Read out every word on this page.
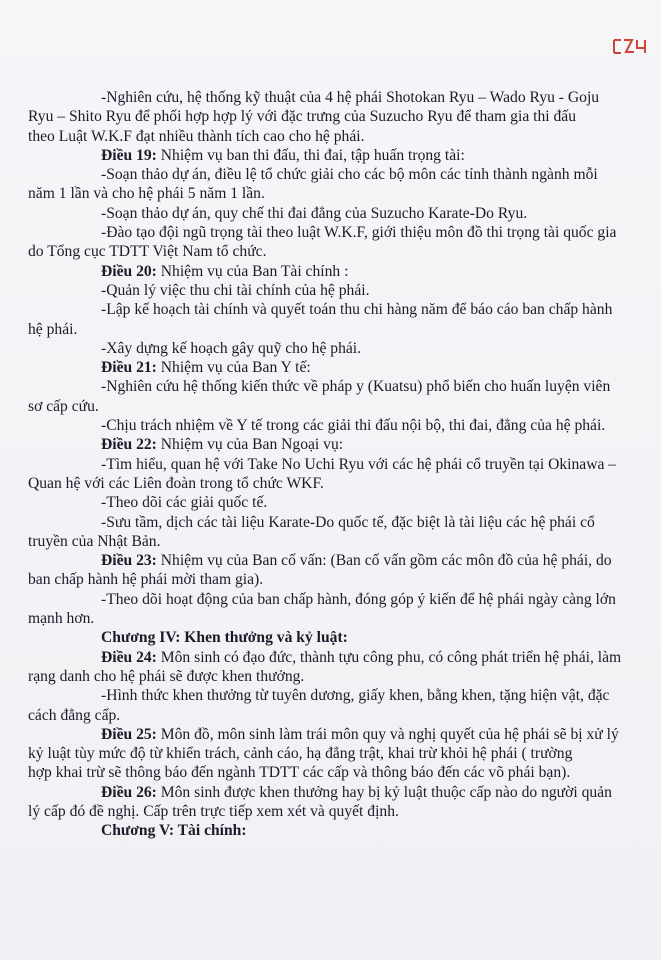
-Nghiên cứu, hệ thống kỹ thuật của 4 hệ phái Shotokan Ryu – Wado Ryu - Goju
Ryu – Shito Ryu để phối hợp hợp lý với đặc trưng của Suzucho Ryu để tham gia thi đấu
theo Luật W.K.F đạt nhiều thành tích cao cho hệ phái.
Điều 19: Nhiệm vụ ban thi đấu, thi đai, tập huấn trọng tài:
-Soạn thảo dự án, điều lệ tổ chức giải cho các bộ môn các tỉnh thành ngành mỗi
năm 1 lần và cho hệ phái 5 năm 1 lần.
-Soạn thảo dự án, quy chế thi đai đẳng của Suzucho Karate-Do Ryu.
-Đào tạo đội ngũ trọng tài theo luật W.K.F, giới thiệu môn đồ thi trọng tài quốc gia
do Tổng cục TDTT Việt Nam tổ chức.
Điều 20: Nhiệm vụ của Ban Tài chính :
-Quản lý việc thu chi tài chính của hệ phái.
-Lập kế hoạch tài chính và quyết toán thu chi hàng năm để báo cáo ban chấp hành
hệ phái.
-Xây dựng kế hoạch gây quỹ cho hệ phái.
Điều 21: Nhiệm vụ của Ban Y tế:
-Nghiên cứu hệ thống kiến thức về pháp y (Kuatsu) phổ biến cho huấn luyện viên
sơ cấp cứu.
-Chịu trách nhiệm về Y tế trong các giải thi đấu nội bộ, thi đai, đẳng của hệ phái.
Điều 22: Nhiệm vụ của Ban Ngoại vụ:
-Tìm hiểu, quan hệ với Take No Uchi Ryu với các hệ phái cổ truyền tại Okinawa –
Quan hệ với các Liên đoàn trong tổ chức WKF.
-Theo dõi các giải quốc tế.
-Sưu tầm, dịch các tài liệu Karate-Do quốc tế, đặc biệt là tài liệu các hệ phái cổ
truyền của Nhật Bản.
Điều 23: Nhiệm vụ của Ban cố vấn: (Ban cố vấn gồm các môn đồ của hệ phái, do
ban chấp hành hệ phái mời tham gia).
-Theo dõi hoạt động của ban chấp hành, đóng góp ý kiến để hệ phái ngày càng lớn
mạnh hơn.
Chương IV: Khen thưởng và kỷ luật:
Điều 24: Môn sinh có đạo đức, thành tựu công phu, có công phát triển hệ phái, làm
rạng danh cho hệ phái sẽ được khen thưởng.
-Hình thức khen thưởng từ tuyên dương, giấy khen, bằng khen, tặng hiện vật, đặc
cách đẳng cấp.
Điều 25: Môn đồ, môn sinh làm trái môn quy và nghị quyết của hệ phái sẽ bị xử lý
kỷ luật tùy mức độ từ khiển trách, cảnh cáo, hạ đẳng trật, khai trừ khỏi hệ phái ( trường
hợp khai trừ sẽ thông báo đến ngành TDTT các cấp và thông báo đến các võ phái bạn).
Điều 26: Môn sinh được khen thưởng hay bị kỷ luật thuộc cấp nào do người quản
lý cấp đó đề nghị. Cấp trên trực tiếp xem xét và quyết định.
Chương V: Tài chính:
